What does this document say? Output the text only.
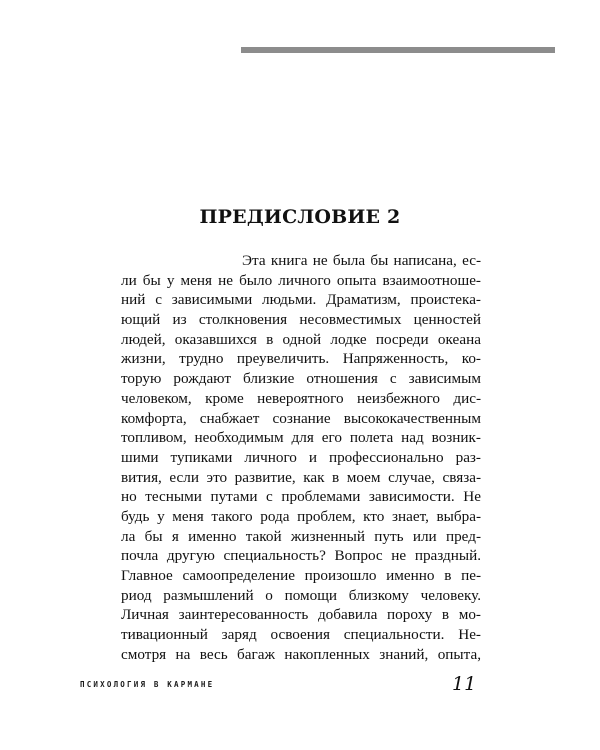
ПРЕДИСЛОВИЕ 2
Эта книга не была бы написана, ес-
ли бы у меня не было личного опыта взаимоотноше-
ний с зависимыми людьми. Драматизм, проистека-
ющий из столкновения несовместимых ценностей
людей, оказавшихся в одной лодке посреди океана
жизни, трудно преувеличить. Напряженность, ко-
торую рождают близкие отношения с зависимым
человеком, кроме невероятного неизбежного дис-
комфорта, снабжает сознание высококачественным
топливом, необходимым для его полета над возник-
шими тупиками личного и профессионально раз-
вития, если это развитие, как в моем случае, связа-
но тесными путами с проблемами зависимости. Не
будь у меня такого рода проблем, кто знает, выбра-
ла бы я именно такой жизненный путь или пред-
почла другую специальность? Вопрос не праздный.
Главное самоопределение произошло именно в пе-
риод размышлений о помощи близкому человеку.
Личная заинтересованность добавила пороху в мо-
тивационный заряд освоения специальности. Не-
смотря на весь багаж накопленных знаний, опыта,
ПСИХОЛОГИЯ В КАРМАНЕ	11
